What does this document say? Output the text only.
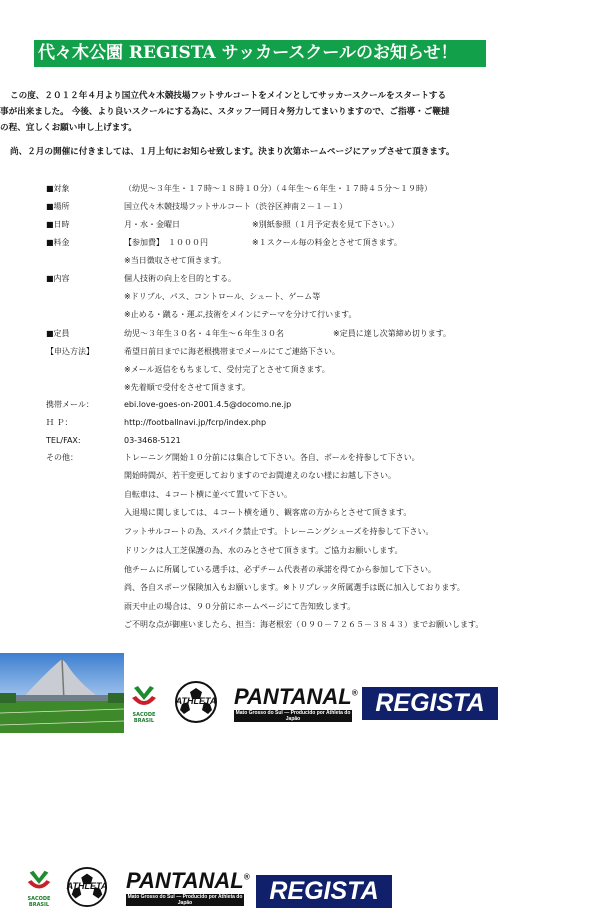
代々木公園 REGISTA サッカースクールのお知らせ！
この度、２０１２年４月より国立代々木競技場フットサルコートをメインとしてサッカースクールをスタートする
事が出来ました。 今後、より良いスクールにする為に、スタッフ一同日々努力してまいりますので、ご指導・ご鞭撻
の程、宜しくお願い申し上げます。
尚、２月の開催に付きましては、１月上旬にお知らせ致します。決まり次第ホームページにアップさせて頂きます。
■対象	（幼児～３年生・１７時～１８時１０分）（４年生～６年生・１７時４５分～１９時）
■場所	国立代々木競技場フットサルコート（渋谷区神南２－１－１）
■日時	月・水・金曜日	※別紙参照（１月予定表を見て下さい。）
■料金	【参加費】　１０００円	※１スクール毎の料金とさせて頂きます。
※当日徴収させて頂きます。
■内容	個人技術の向上を目的とする。
※ドリブル、パス、コントロール、シュート、ゲーム等
※止める・蹴る・運ぶ,技術をメインにテーマを分けて行います。
■定員	幼児～３年生３０名・４年生～６年生３０名	※定員に達し次第締め切ります。
【申込方法】	希望日前日までに海老根携帯までメールにてご連絡下さい。
※メール返信をもちまして、受付完了とさせて頂きます。
※先着順で受付をさせて頂きます。
携帯メール：	ebi.love-goes-on-2001.4.5@docomo.ne.jp
Ｈ Ｐ：	http://footballnavi.jp/fcrp/index.php
TEL/FAX:	03-3468-5121
その他：	トレーニング開始１０分前には集合して下さい。各自、ボールを持参して下さい。
開始時間が、若干変更しておりますのでお間違えのない様にお越し下さい。
自転車は、４コート横に並べて置いて下さい。
入退場に関しましては、４コート横を通り、観客席の方からとさせて頂きます。
フットサルコートの為、スパイク禁止です。トレーニングシューズを持参して下さい。
ドリンクは人工芝保護の為、水のみとさせて頂きます。ご協力お願いします。
他チームに所属している選手は、必ずチーム代表者の承諾を得てから参加して下さい。
尚、各自スポーツ保険加入もお願いします。※トリプレッタ所属選手は既に加入しております。
雨天中止の場合は、９０分前にホームページにて告知致します。
ご不明な点が御座いましたら、担当：海老根宏（０９０－７２６５－３８４３）までお願いします。
SACODE BRASIL
ATHLETA PANTANAL®
Mato Grosso do Sul — Producido por Athleta do Japão
REGISTA
SACODE BRASIL
ATHLETA PANTANAL®
Mato Grosso do Sul — Producido por Athleta do Japão	REGISTA
